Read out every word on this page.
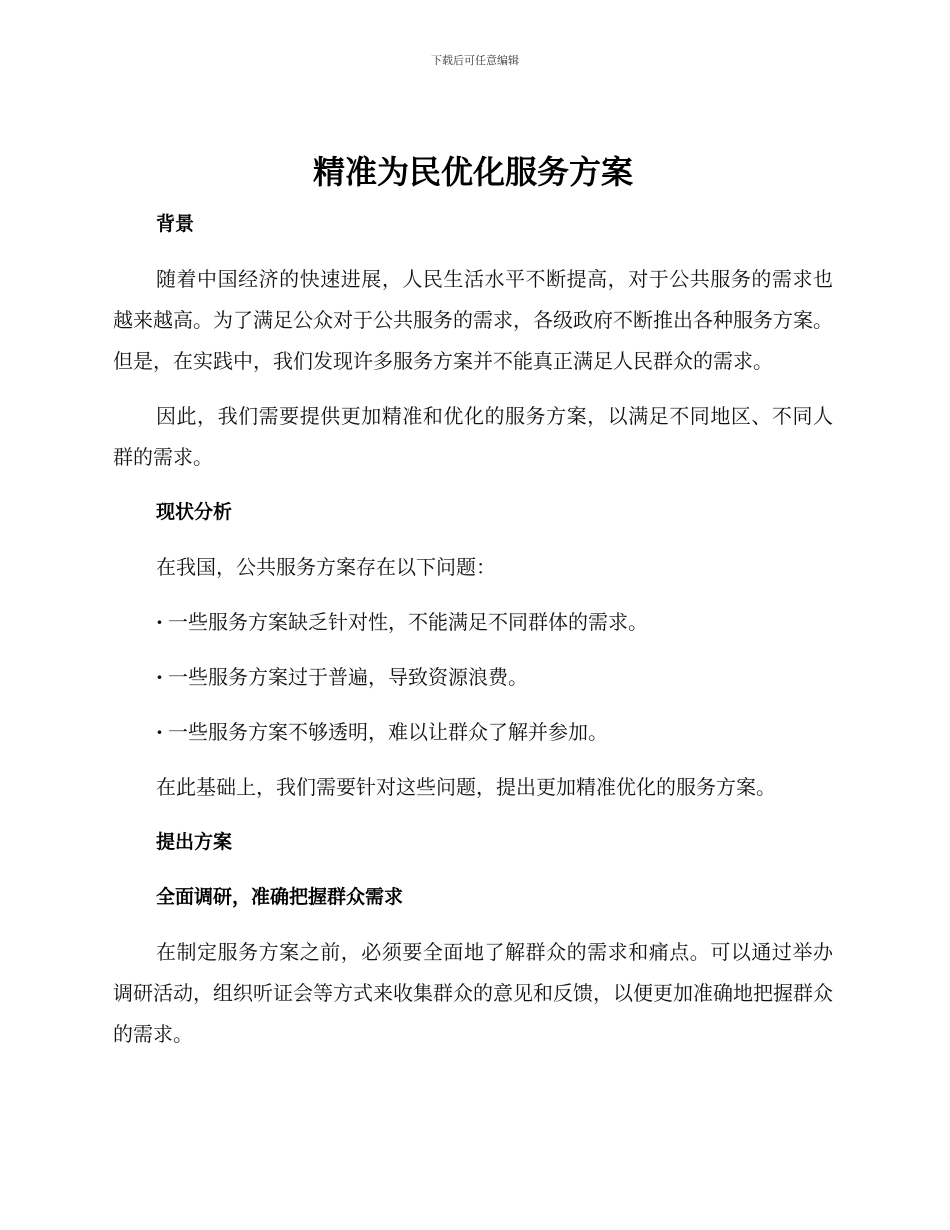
下载后可任意编辑
精准为民优化服务方案
背景

随着中国经济的快速进展，人民生活水平不断提高，对于公共服务的需求也越来越高。为了满足公众对于公共服务的需求，各级政府不断推出各种服务方案。但是，在实践中，我们发现许多服务方案并不能真正满足人民群众的需求。

因此，我们需要提供更加精准和优化的服务方案，以满足不同地区、不同人群的需求。

现状分析

在我国，公共服务方案存在以下问题：

· 一些服务方案缺乏针对性，不能满足不同群体的需求。
· 一些服务方案过于普遍，导致资源浪费。
· 一些服务方案不够透明，难以让群众了解并参加。

在此基础上，我们需要针对这些问题，提出更加精准优化的服务方案。

提出方案
全面调研，准确把握群众需求

在制定服务方案之前，必须要全面地了解群众的需求和痛点。可以通过举办调研活动，组织听证会等方式来收集群众的意见和反馈，以便更加准确地把握群众的需求。
